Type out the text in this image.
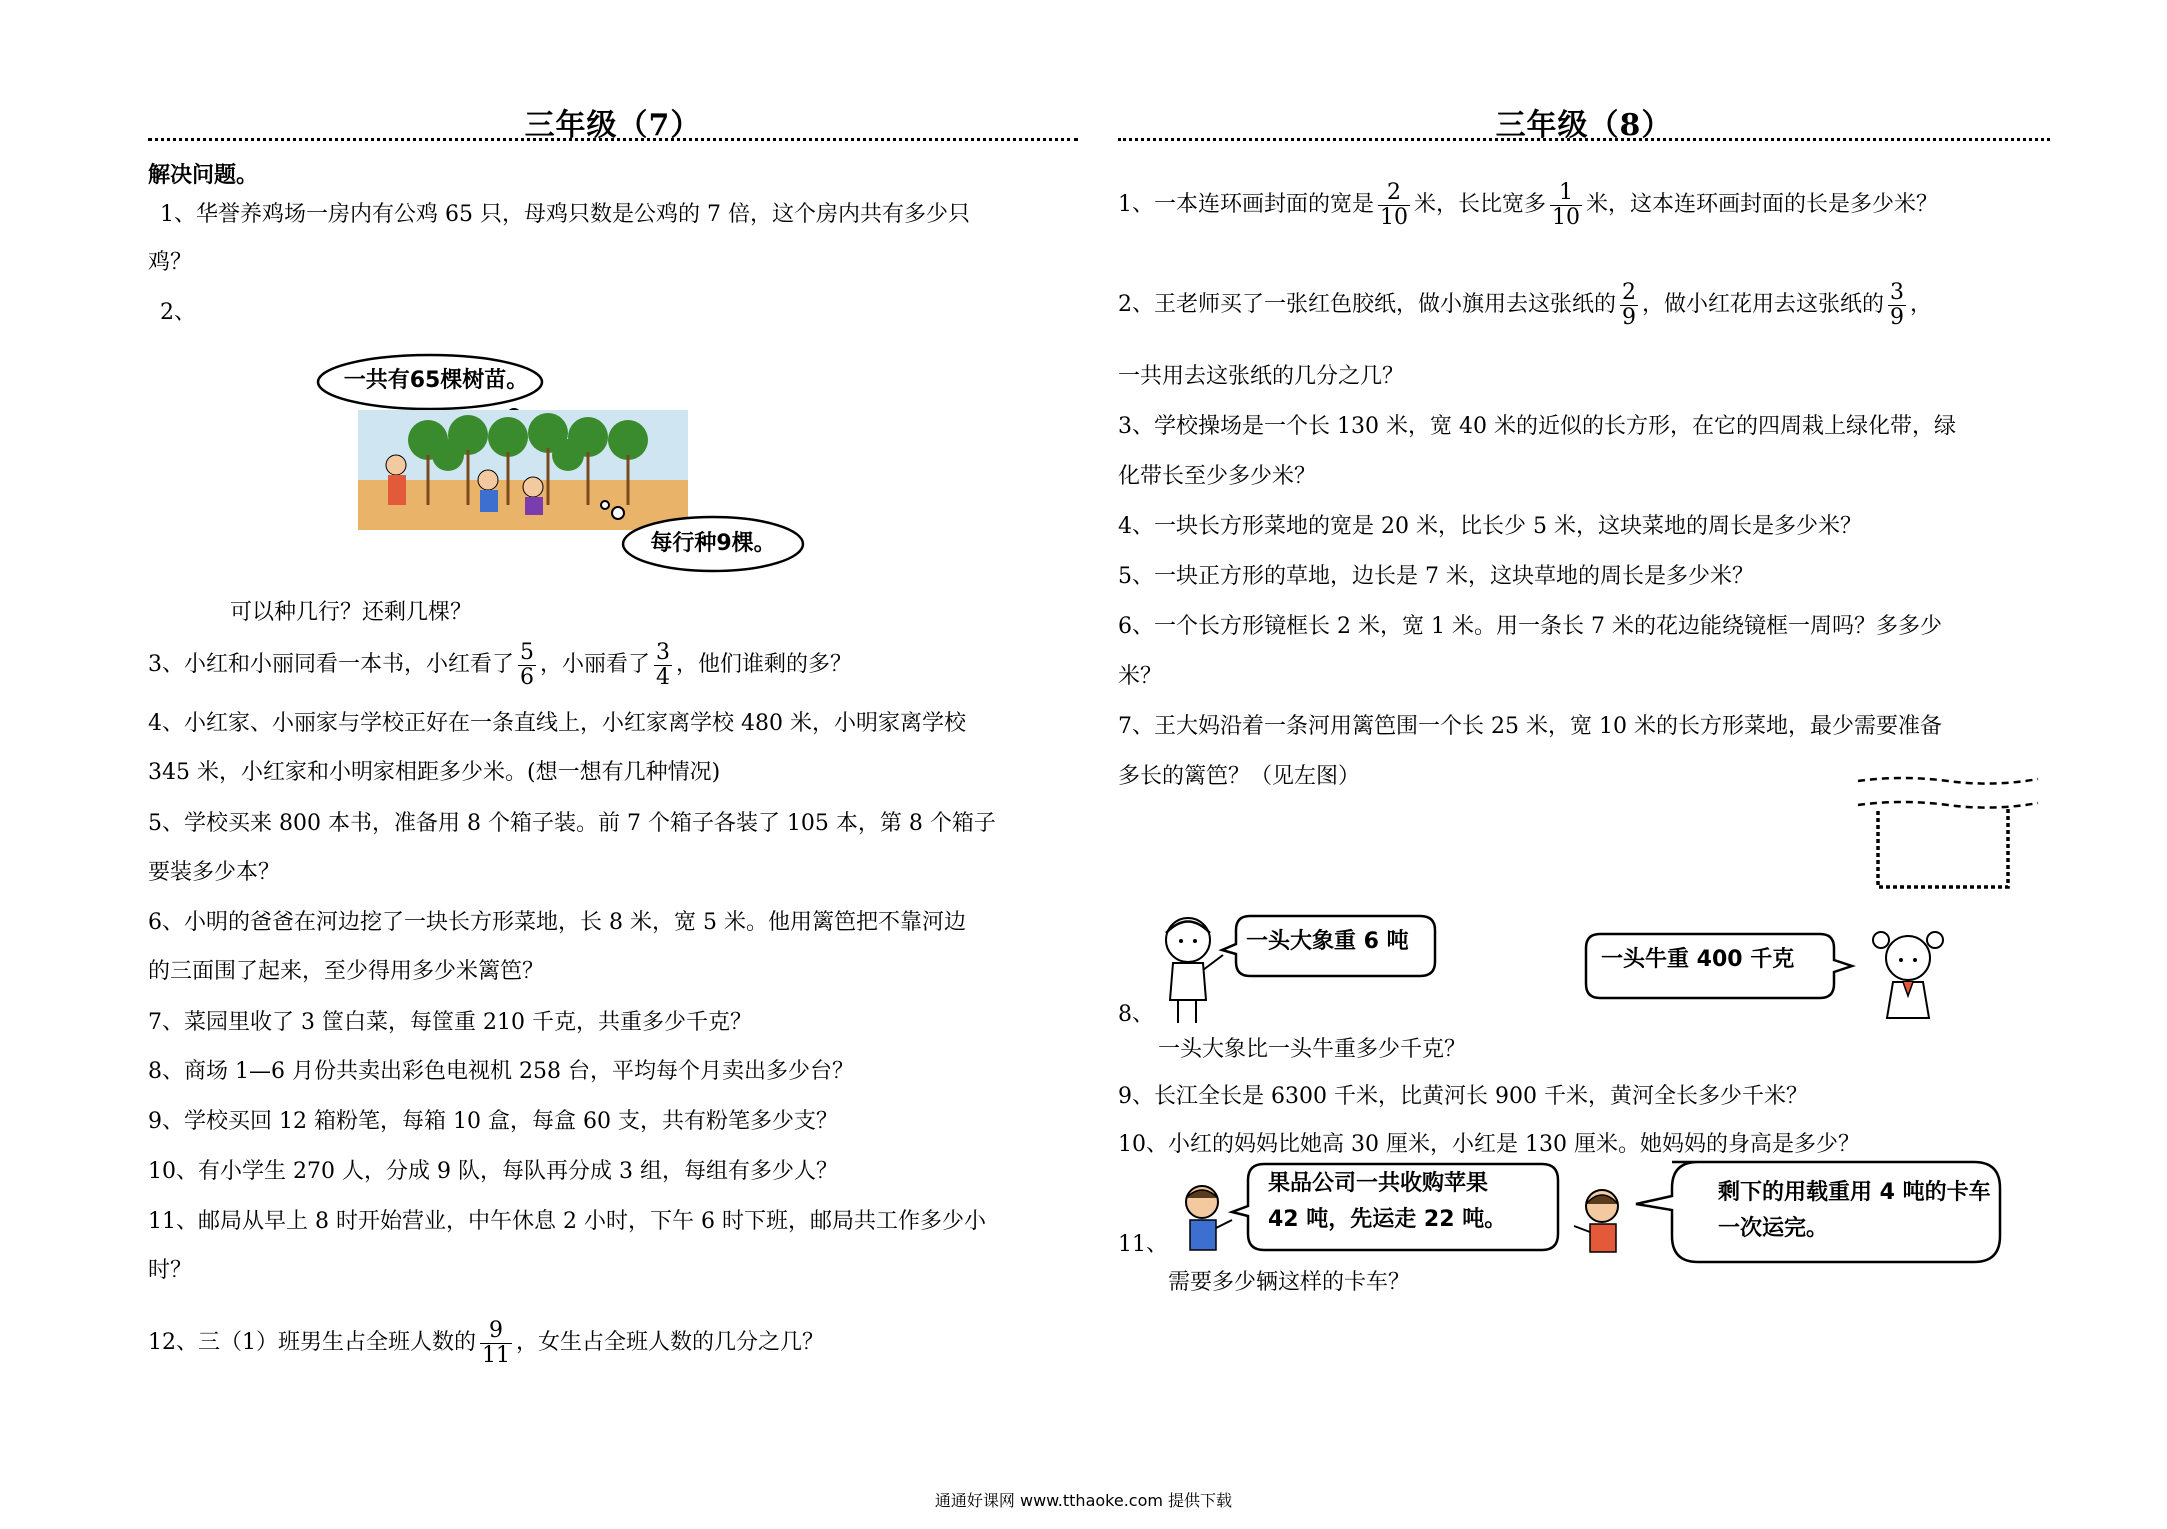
三年级（7）
解决问题。
1、华誉养鸡场一房内有公鸡 65 只，母鸡只数是公鸡的 7 倍，这个房内共有多少只
鸡？
2、
一共有65棵树苗。
每行种9棵。
可以种几行？还剩几棵？
3、小红和小丽同看一本书，小红看了 $\frac{5}{6}$ ，小丽看了 $\frac{3}{4}$ ，他们谁剩的多？
4、小红家、小丽家与学校正好在一条直线上，小红家离学校 480 米，小明家离学校
345 米，小红家和小明家相距多少米。(想一想有几种情况)
5、学校买来 800 本书，准备用 8 个箱子装。前 7 个箱子各装了 105 本，第 8 个箱子
要装多少本？
6、小明的爸爸在河边挖了一块长方形菜地，长 8 米，宽 5 米。他用篱笆把不靠河边
的三面围了起来，至少得用多少米篱笆？
7、菜园里收了 3 筐白菜，每筐重 210 千克，共重多少千克？
8、商场 1—6 月份共卖出彩色电视机 258 台，平均每个月卖出多少台？
9、学校买回 12 箱粉笔，每箱 10 盒，每盒 60 支，共有粉笔多少支？
10、有小学生 270 人，分成 9 队，每队再分成 3 组，每组有多少人？
11、邮局从早上 8 时开始营业，中午休息 2 小时，下午 6 时下班，邮局共工作多少小
时？
12、三（1）班男生占全班人数的 $\frac{9}{11}$ ，女生占全班人数的几分之几？
三年级（8）
1、一本连环画封面的宽是 $\frac{2}{10}$ 米，长比宽多 $\frac{1}{10}$ 米，这本连环画封面的长是多少米？
2、王老师买了一张红色胶纸，做小旗用去这张纸的 $\frac{2}{9}$ ，做小红花用去这张纸的 $\frac{3}{9}$ ，
一共用去这张纸的几分之几？
3、学校操场是一个长 130 米，宽 40 米的近似的长方形，在它的四周栽上绿化带，绿
化带长至少多少米？
4、一块长方形菜地的宽是 20 米，比长少 5 米，这块菜地的周长是多少米？
5、一块正方形的草地，边长是 7 米，这块草地的周长是多少米？
6、一个长方形镜框长 2 米，宽 1 米。用一条长 7 米的花边能绕镜框一周吗？多多少
米？
7、王大妈沿着一条河用篱笆围一个长 25 米，宽 10 米的长方形菜地，最少需要准备
多长的篱笆？（见左图）
一头大象重 6 吨
一头牛重 400 千克
8、
一头大象比一头牛重多少千克？
9、长江全长是 6300 千米，比黄河长 900 千米，黄河全长多少千米？
10、小红的妈妈比她高 30 厘米，小红是 130 厘米。她妈妈的身高是多少？
果品公司一共收购苹果
42 吨，先运走 22 吨。
剩下的用载重用 4 吨的卡车
一次运完。
11、
需要多少辆这样的卡车？
通通好课网 www.tthaoke.com 提供下载
